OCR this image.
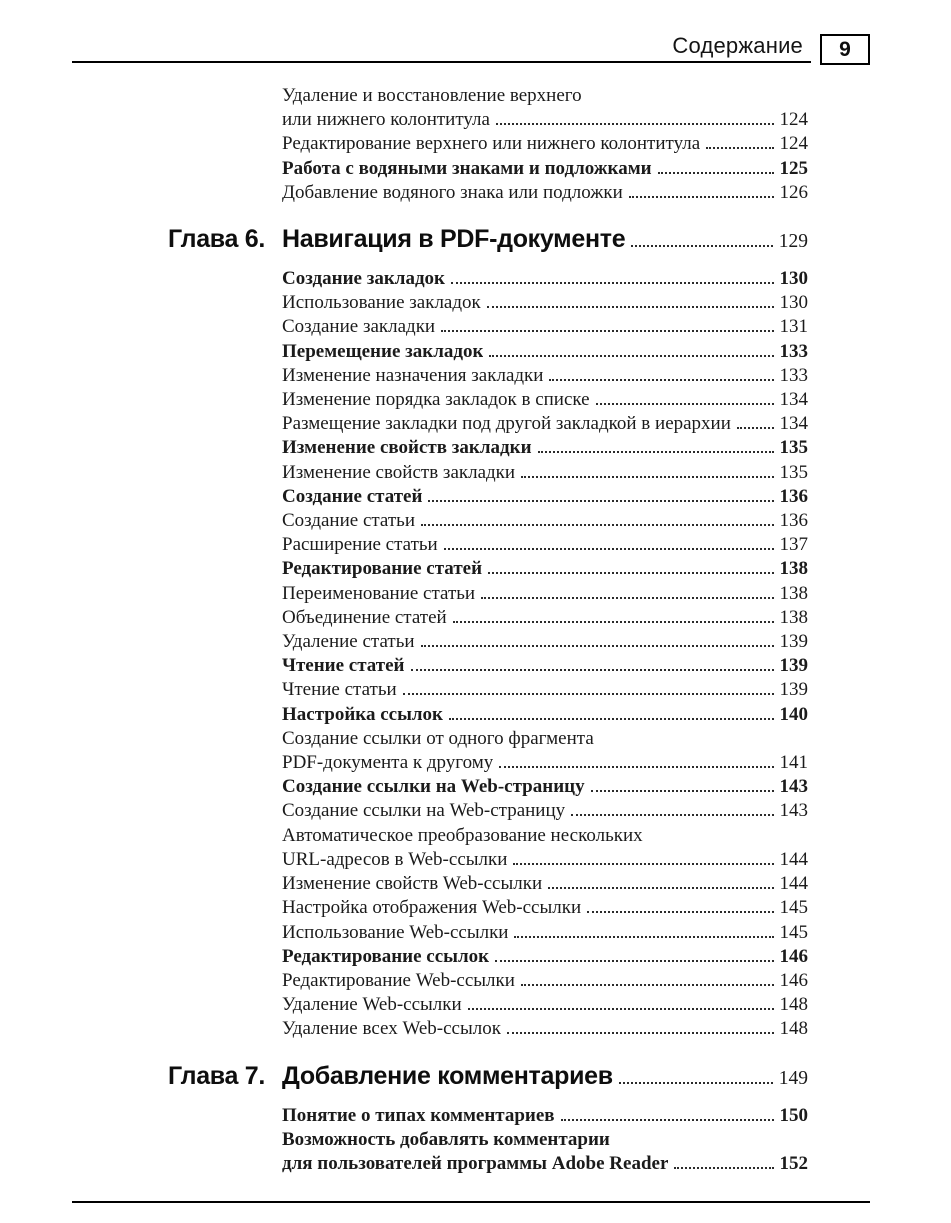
Содержание 9
Удаление и восстановление верхнего
или нижнего колонтитула	124
Редактирование верхнего или нижнего колонтитула	124
Работа с водяными знаками и подложками	125
Добавление водяного знака или подложки	126
Глава 6. Навигация в PDF-документе	129
Создание закладок	130
Использование закладок	130
Создание закладки	131
Перемещение закладок	133
Изменение назначения закладки	133
Изменение порядка закладок в списке	134
Размещение закладки под другой закладкой в иерархии	134
Изменение свойств закладки	135
Изменение свойств закладки	135
Создание статей	136
Создание статьи	136
Расширение статьи	137
Редактирование статей	138
Переименование статьи	138
Объединение статей	138
Удаление статьи	139
Чтение статей	139
Чтение статьи	139
Настройка ссылок	140
Создание ссылки от одного фрагмента
PDF-документа к другому	141
Создание ссылки на Web-страницу	143
Создание ссылки на Web-страницу	143
Автоматическое преобразование нескольких
URL-адресов в Web-ссылки	144
Изменение свойств Web-ссылки	144
Настройка отображения Web-ссылки	145
Использование Web-ссылки	145
Редактирование ссылок	146
Редактирование Web-ссылки	146
Удаление Web-ссылки	148
Удаление всех Web-ссылок	148
Глава 7. Добавление комментариев	149
Понятие о типах комментариев	150
Возможность добавлять комментарии
для пользователей программы Adobe Reader	152
